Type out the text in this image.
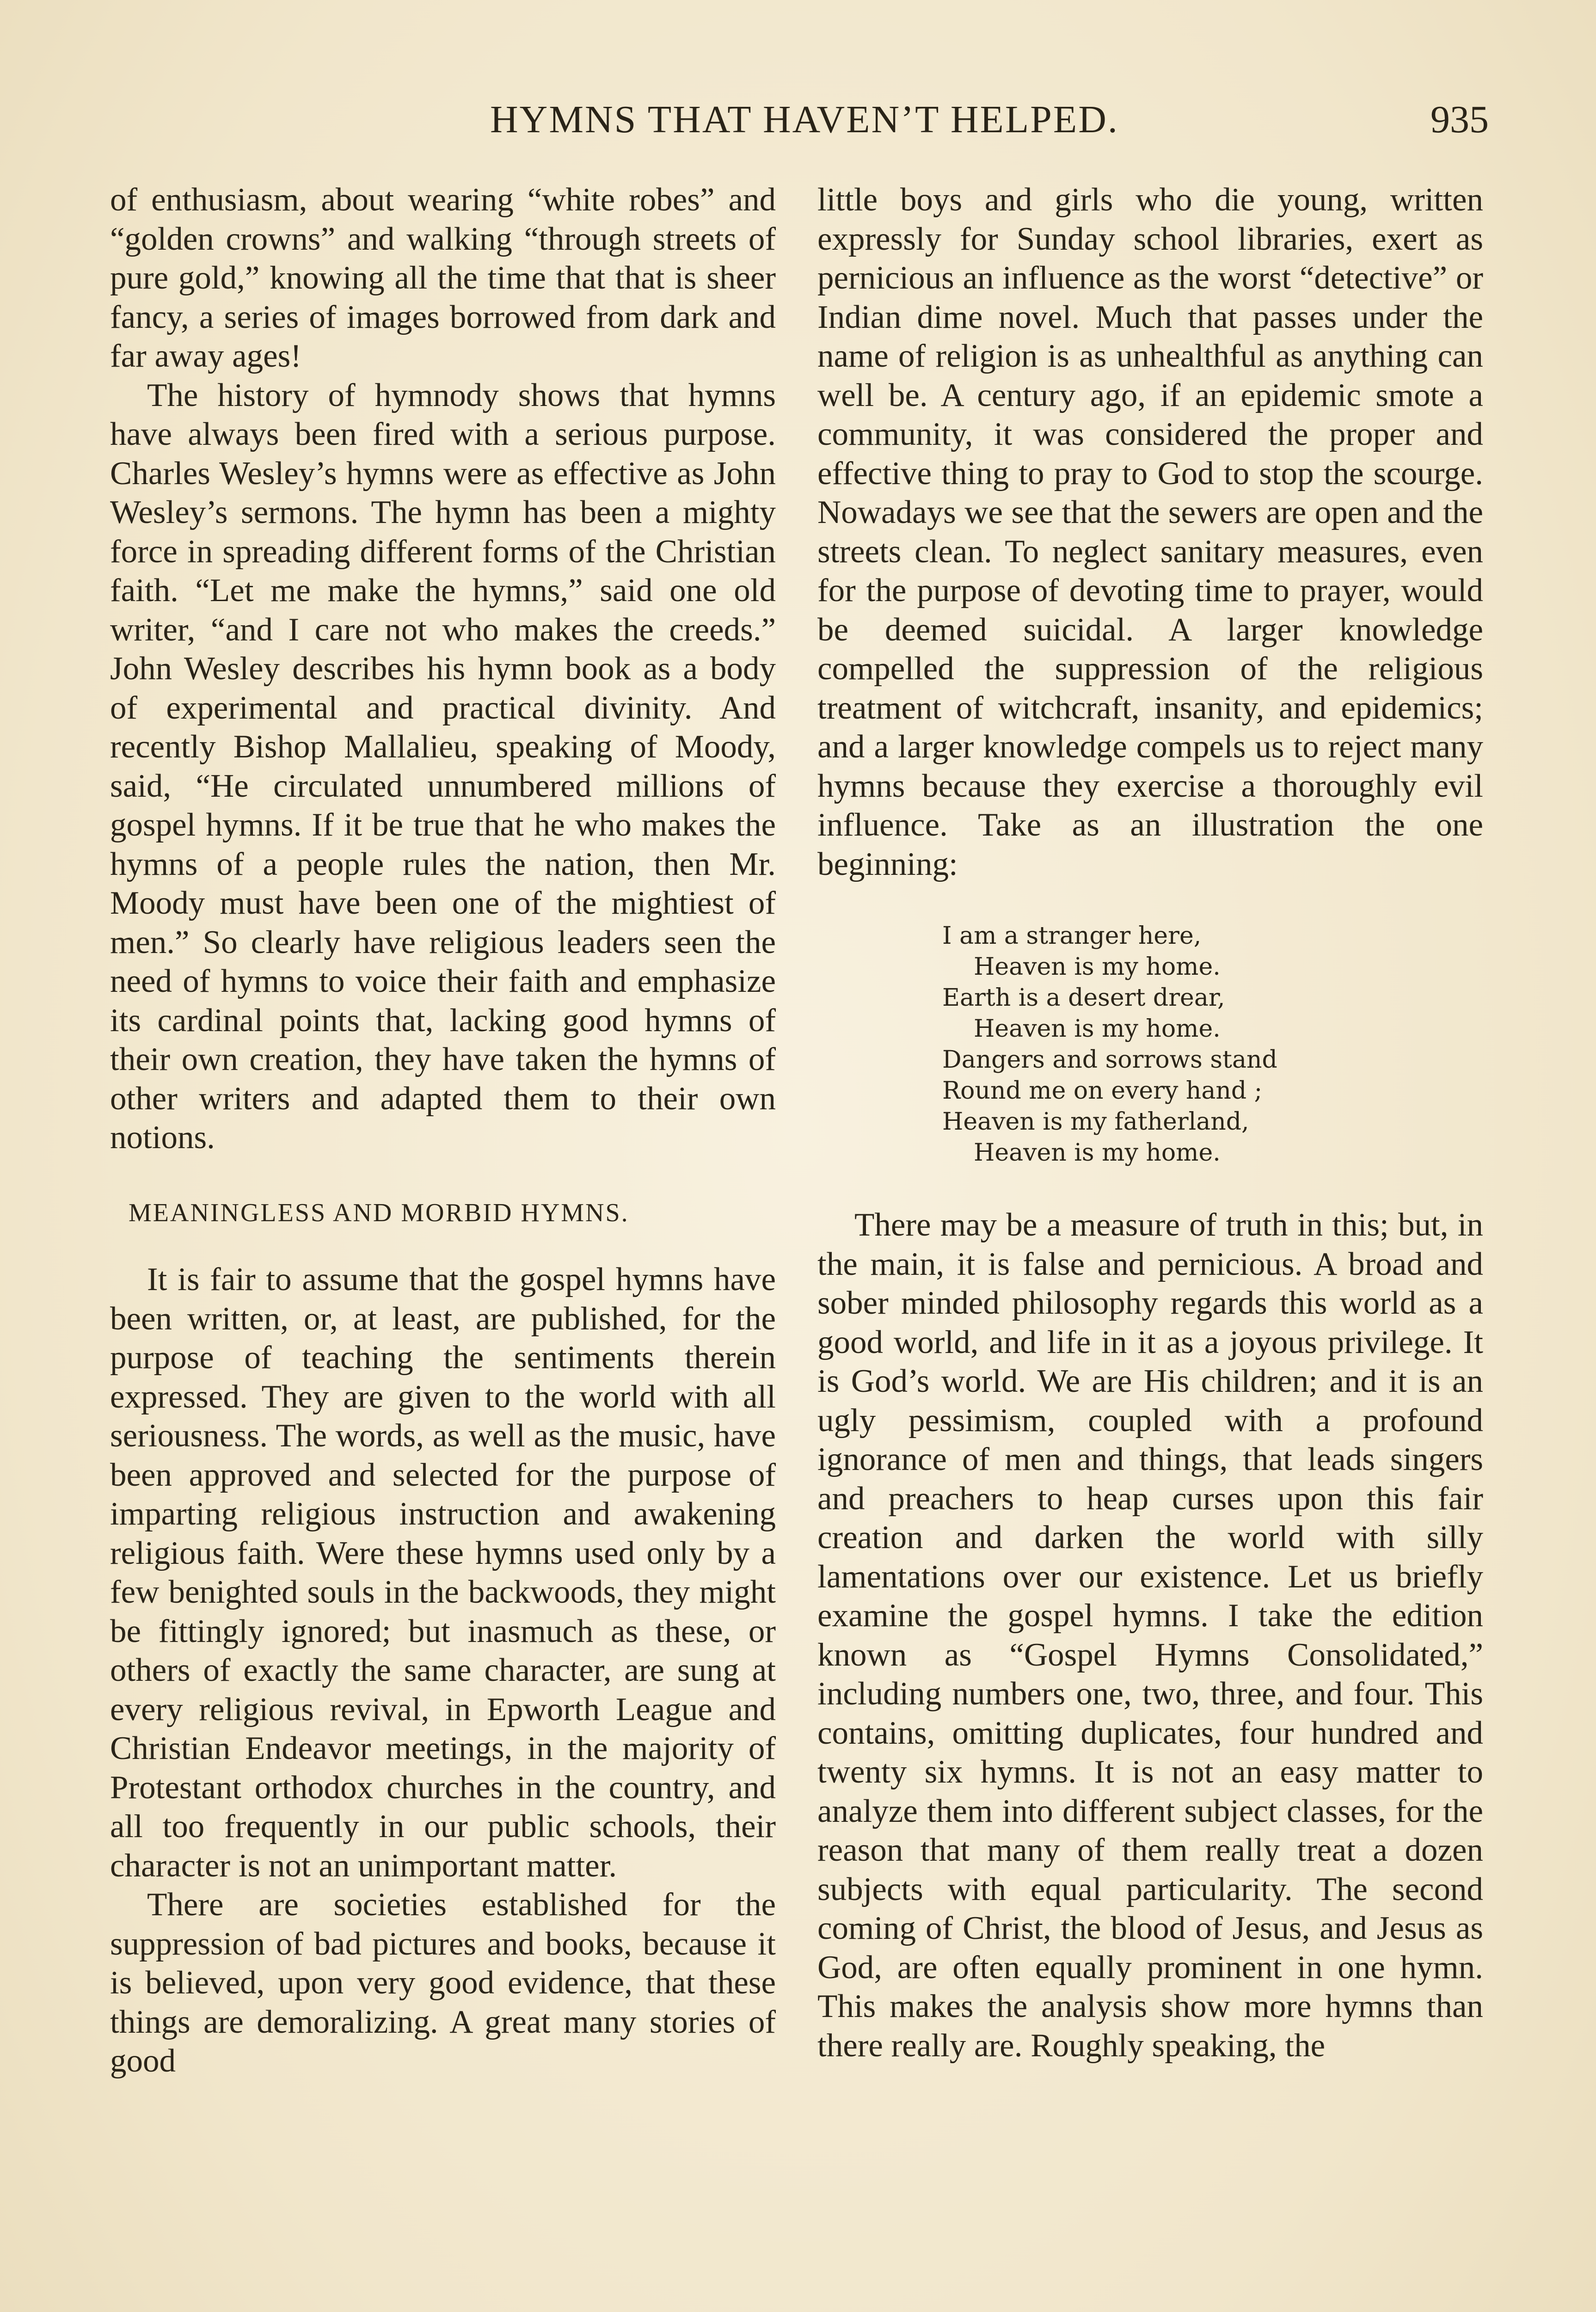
HYMNS THAT HAVEN’T HELPED.	935

of enthusiasm, about wearing “white robes” and “golden crowns” and walking “through streets of pure gold,” knowing all the time that that is sheer fancy, a series of images borrowed from dark and far away ages!

The history of hymnody shows that hymns have always been fired with a serious purpose. Charles Wesley’s hymns were as effective as John Wesley’s sermons. The hymn has been a mighty force in spreading different forms of the Christian faith. “Let me make the hymns,” said one old writer, “and I care not who makes the creeds.” John Wesley describes his hymn book as a body of experimental and practical divinity. And recently Bishop Mallalieu, speaking of Moody, said, “He circulated unnumbered millions of gospel hymns. If it be true that he who makes the hymns of a people rules the nation, then Mr. Moody must have been one of the mightiest of men.” So clearly have religious leaders seen the need of hymns to voice their faith and emphasize its cardinal points that, lacking good hymns of their own creation, they have taken the hymns of other writers and adapted them to their own notions.

MEANINGLESS AND MORBID HYMNS.

It is fair to assume that the gospel hymns have been written, or, at least, are published, for the purpose of teaching the sentiments therein expressed. They are given to the world with all seriousness. The words, as well as the music, have been approved and selected for the purpose of imparting religious instruction and awakening religious faith. Were these hymns used only by a few benighted souls in the backwoods, they might be fittingly ignored; but inasmuch as these, or others of exactly the same character, are sung at every religious revival, in Epworth League and Christian Endeavor meetings, in the majority of Protestant orthodox churches in the country, and all too frequently in our public schools, their character is not an unimportant matter.

There are societies established for the suppression of bad pictures and books, because it is believed, upon very good evidence, that these things are demoralizing. A great many stories of good

little boys and girls who die young, written expressly for Sunday school libraries, exert as pernicious an influence as the worst “detective” or Indian dime novel. Much that passes under the name of religion is as unhealthful as anything can well be. A century ago, if an epidemic smote a community, it was considered the proper and effective thing to pray to God to stop the scourge. Nowadays we see that the sewers are open and the streets clean. To neglect sanitary measures, even for the purpose of devoting time to prayer, would be deemed suicidal. A larger knowledge compelled the suppression of the religious treatment of witchcraft, insanity, and epidemics; and a larger knowledge compels us to reject many hymns because they exercise a thoroughly evil influence. Take as an illustration the one beginning:

I am a stranger here,
Heaven is my home.
Earth is a desert drear,
Heaven is my home.
Dangers and sorrows stand
Round me on every hand ;
Heaven is my fatherland,
Heaven is my home.

There may be a measure of truth in this; but, in the main, it is false and pernicious. A broad and sober minded philosophy regards this world as a good world, and life in it as a joyous privilege. It is God’s world. We are His children; and it is an ugly pessimism, coupled with a profound ignorance of men and things, that leads singers and preachers to heap curses upon this fair creation and darken the world with silly lamentations over our existence. Let us briefly examine the gospel hymns. I take the edition known as “Gospel Hymns Consolidated,” including numbers one, two, three, and four. This contains, omitting duplicates, four hundred and twenty six hymns. It is not an easy matter to analyze them into different subject classes, for the reason that many of them really treat a dozen subjects with equal particularity. The second coming of Christ, the blood of Jesus, and Jesus as God, are often equally prominent in one hymn. This makes the analysis show more hymns than there really are. Roughly speaking, the
